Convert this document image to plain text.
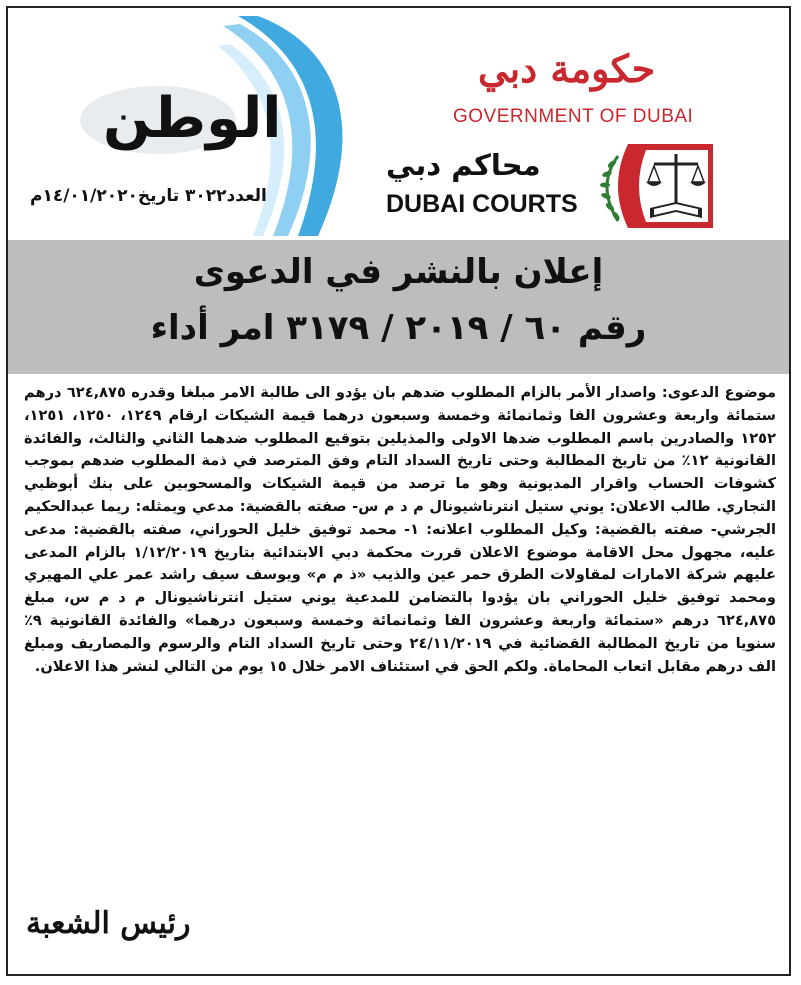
الوطن
العدد٣٠٢٢ تاريخ١٤/٠١/٢٠٢٠م
حكومة دبي
GOVERNMENT OF DUBAI
محاكم دبي
DUBAI COURTS
إعلان بالنشر في الدعوى
رقم ٦٠ / ٢٠١٩ / ٣١٧٩ امر أداء
موضوع الدعوى: واصدار الأمر بالزام المطلوب ضدهم بان يؤدو الى طالبة الامر مبلغا وقدره ٦٢٤,٨٧٥ درهم ستمائة واربعة وعشرون الفا وثمانمائة وخمسة وسبعون درهما قيمة الشيكات ارقام ١٢٤٩، ١٢٥٠، ١٢٥١، ١٢٥٢ والصادرين باسم المطلوب ضدها الاولى والمذيلين بتوقيع المطلوب ضدهما الثاني والثالث، والفائدة القانونية ١٢٪ من تاريخ المطالبة وحتى تاريخ السداد التام وفق المترصد في ذمة المطلوب ضدهم بموجب كشوفات الحساب واقرار المديونية وهو ما ترصد من قيمة الشيكات والمسحوبين على بنك أبوظبي التجاري. طالب الاعلان: يوني ستيل انترناشيونال م د م س- صفته بالقضية: مدعي ويمثله: ريما عبدالحكيم الجرشي- صفته بالقضية: وكيل المطلوب اعلانه: ١- محمد توفيق خليل الحوراني، صفته بالقضية: مدعى عليه، مجهول محل الاقامة موضوع الاعلان قررت محكمة دبي الابتدائية بتاريخ ١/١٢/٢٠١٩ بالزام المدعى عليهم شركة الامارات لمقاولات الطرق حمر عين والذيب «ذ م م» ويوسف سيف راشد عمر علي المهيري ومحمد توفيق خليل الحوراني بان يؤدوا بالتضامن للمدعية يوني ستيل انترناشيونال م د م س، مبلغ ٦٢٤,٨٧٥ درهم «ستمائة واربعة وعشرون الفا وثمانمائة وخمسة وسبعون درهما» والفائدة القانونية ٩٪ سنويا من تاريخ المطالبة القضائية في ٢٤/١١/٢٠١٩ وحتى تاريخ السداد التام والرسوم والمصاريف ومبلغ الف درهم مقابل اتعاب المحاماة. ولكم الحق في استئناف الامر خلال ١٥ يوم من التالي لنشر هذا الاعلان.
رئيس الشعبة
